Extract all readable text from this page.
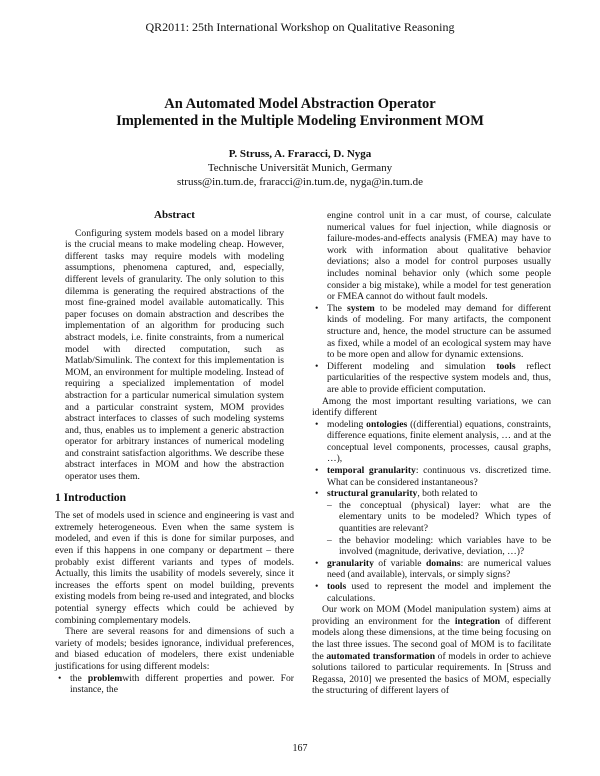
QR2011: 25th International Workshop on Qualitative Reasoning
An Automated Model Abstraction Operator
Implemented in the Multiple Modeling Environment MOM
P. Struss, A. Fraracci, D. Nyga
Technische Universität Munich, Germany
struss@in.tum.de, fraracci@in.tum.de, nyga@in.tum.de
Abstract

Configuring system models based on a model library is the crucial means to make modeling cheap. However, different tasks may require models with modeling assumptions, phenomena captured, and, especially, different levels of granularity. The only solution to this dilemma is generating the required abstractions of the most fine-grained model available automatically. This paper focuses on domain abstraction and describes the implementation of an algorithm for producing such abstract models, i.e. finite constraints, from a numerical model with directed computation, such as Matlab/Simulink. The context for this implementation is MOM, an environment for multiple modeling. Instead of requiring a specialized implementation of model abstraction for a particular numerical simulation system and a particular constraint system, MOM provides abstract interfaces to classes of such modeling systems and, thus, enables us to implement a generic abstraction operator for arbitrary instances of numerical modeling and constraint satisfaction algorithms. We describe these abstract interfaces in MOM and how the abstraction operator uses them.

1 Introduction

The set of models used in science and engineering is vast and extremely heterogeneous. Even when the same system is modeled, and even if this is done for similar purposes, and even if this happens in one company or department – there probably exist different variants and types of models. Actually, this limits the usability of models severely, since it increases the efforts spent on model building, prevents existing models from being re-used and integrated, and blocks potential synergy effects which could be achieved by combining complementary models.

There are several reasons for and dimensions of such a variety of models; besides ignorance, individual preferences, and biased education of modelers, there exist undeniable justifications for using different models:

• the problemwith different properties and power. For instance, the
engine control unit in a car must, of course, calculate numerical values for fuel injection, while diagnosis or failure-modes-and-effects analysis (FMEA) may have to work with information about qualitative behavior deviations; also a model for control purposes usually includes nominal behavior only (which some people consider a big mistake), while a model for test generation or FMEA cannot do without fault models.
• The system to be modeled may demand for different kinds of modeling. For many artifacts, the component structure and, hence, the model structure can be assumed as fixed, while a model of an ecological system may have to be more open and allow for dynamic extensions.
• Different modeling and simulation tools reflect particularities of the respective system models and, thus, are able to provide efficient computation.

Among the most important resulting variations, we can identify different

• modeling ontologies ((differential) equations, constraints, difference equations, finite element analysis, … and at the conceptual level components, processes, causal graphs, …),
• temporal granularity: continuous vs. discretized time. What can be considered instantaneous?
• structural granularity, both related to
– the conceptual (physical) layer: what are the elementary units to be modeled? Which types of quantities are relevant?
– the behavior modeling: which variables have to be involved (magnitude, derivative, deviation, …)?
• granularity of variable domains: are numerical values need (and available), intervals, or simply signs?
• tools used to represent the model and implement the calculations.

Our work on MOM (Model manipulation system) aims at providing an environment for the integration of different models along these dimensions, at the time being focusing on the last three issues. The second goal of MOM is to facilitate the automated transformation of models in order to achieve solutions tailored to particular requirements. In [Struss and Regassa, 2010] we presented the basics of MOM, especially the structuring of different layers of

167
